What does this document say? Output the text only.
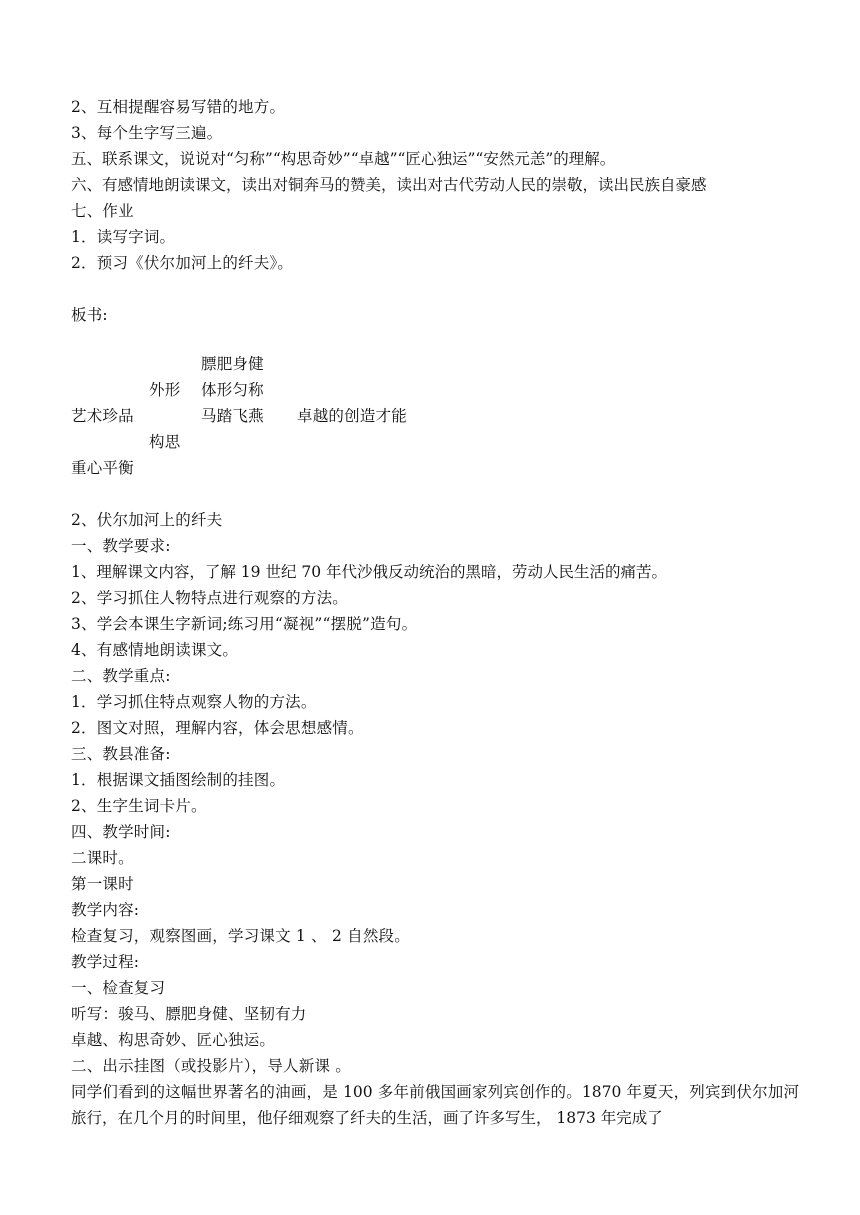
2、互相提醒容易写错的地方。
3、每个生字写三遍。
五、联系课文，说说对“匀称”“构思奇妙”“卓越”“匠心独运”“安然元恙”的理解。
六、有感情地朗读课文，读出对铜奔马的赞美，读出对古代劳动人民的崇敬，读出民族自豪感
七、作业
1．读写字词。
2．预习《伏尔加河上的纤夫》。
板书:
膘肥身健
外形 体形匀称
艺术珍品	马踏飞燕 卓越的创造才能
构思
重心平衡
2、伏尔加河上的纤夫
一、教学要求:
1、理解课文内容，了解 19 世纪 70 年代沙俄反动统治的黑暗，劳动人民生活的痛苦。
2、学习抓住人物特点进行观察的方法。
3、学会本课生字新词;练习用“凝视”“摆脱”造句。
4、有感情地朗读课文。
二、教学重点:
1．学习抓住特点观察人物的方法。
2．图文对照，理解内容，体会思想感情。
三、教县准备:
1．根据课文插图绘制的挂图。
2、生字生词卡片。
四、教学时间:
二课时。
第一课时
教学内容:
检查复习，观察图画，学习课文 1 、 2 自然段。
教学过程:
一、检查复习
听写：骏马、膘肥身健、坚韧有力
卓越、构思奇妙、匠心独运。
二、出示挂图（或投影片），导人新课 。
同学们看到的这幅世界著名的油画，是 100 多年前俄国画家列宾创作的。1870 年夏天，列宾到伏尔加河旅行，在几个月的时间里，他仔细观察了纤夫的生活，画了许多写生， 1873 年完成了
